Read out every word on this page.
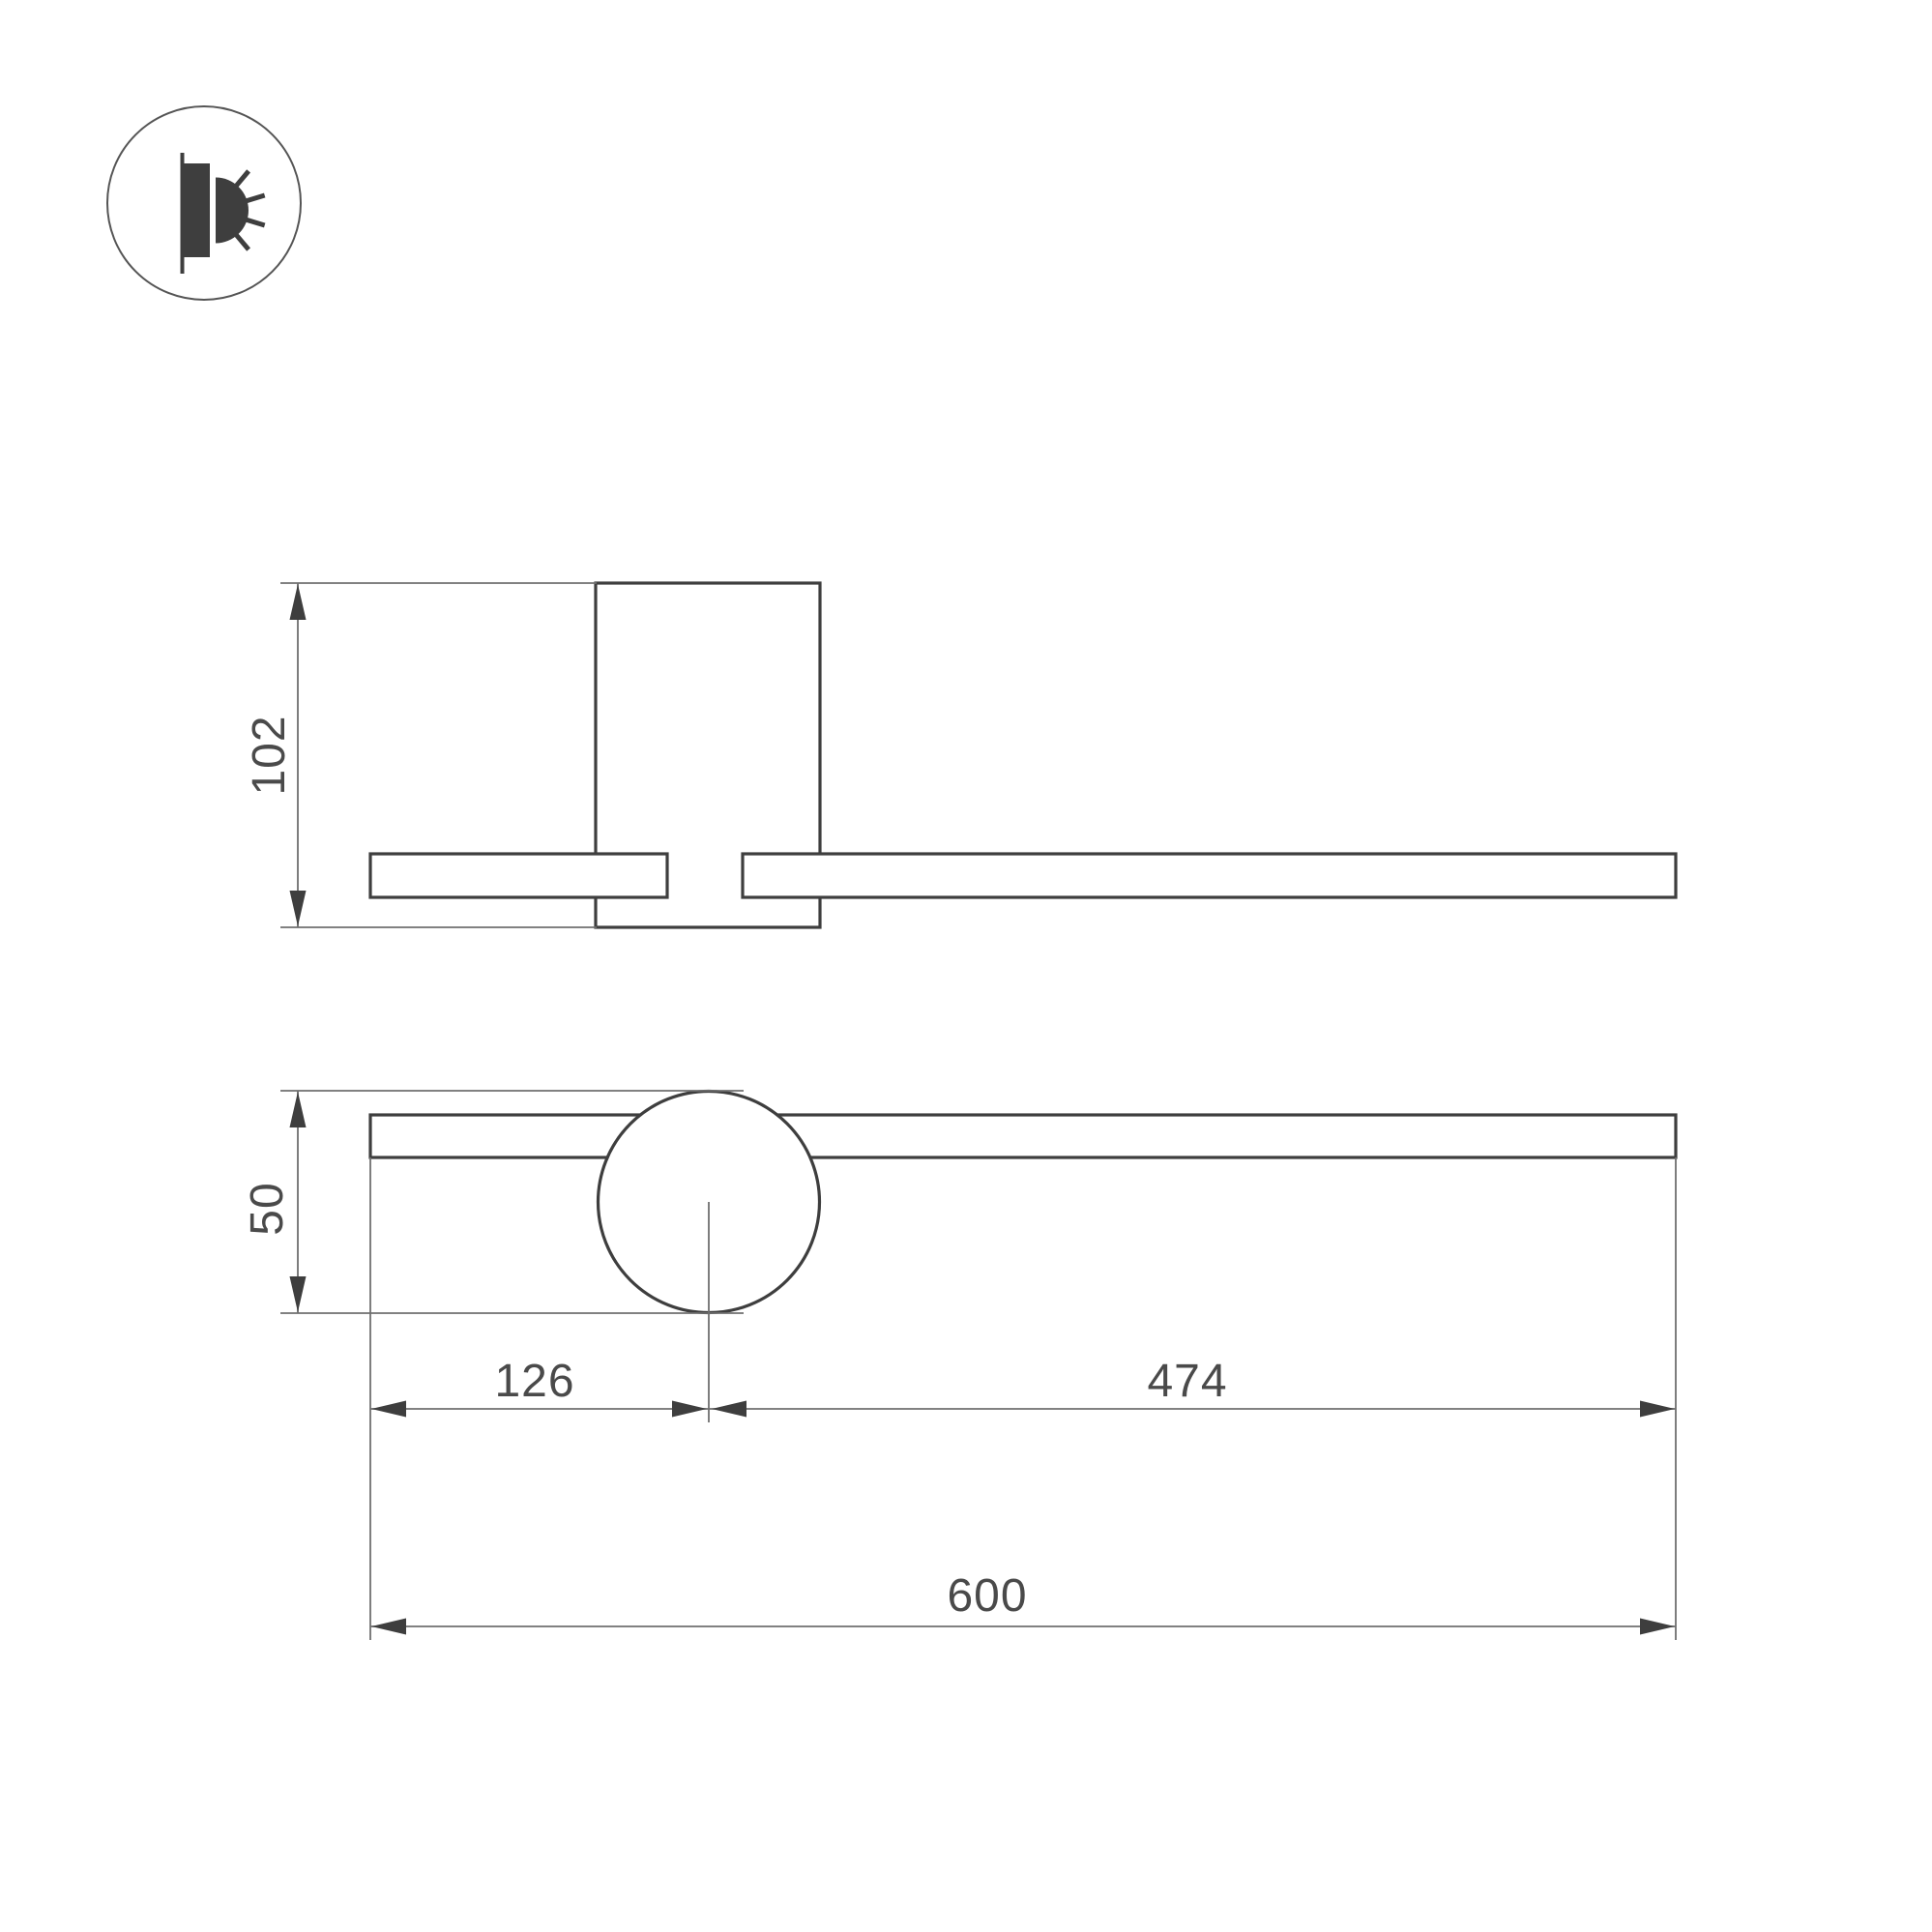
102
50
126	474
600
